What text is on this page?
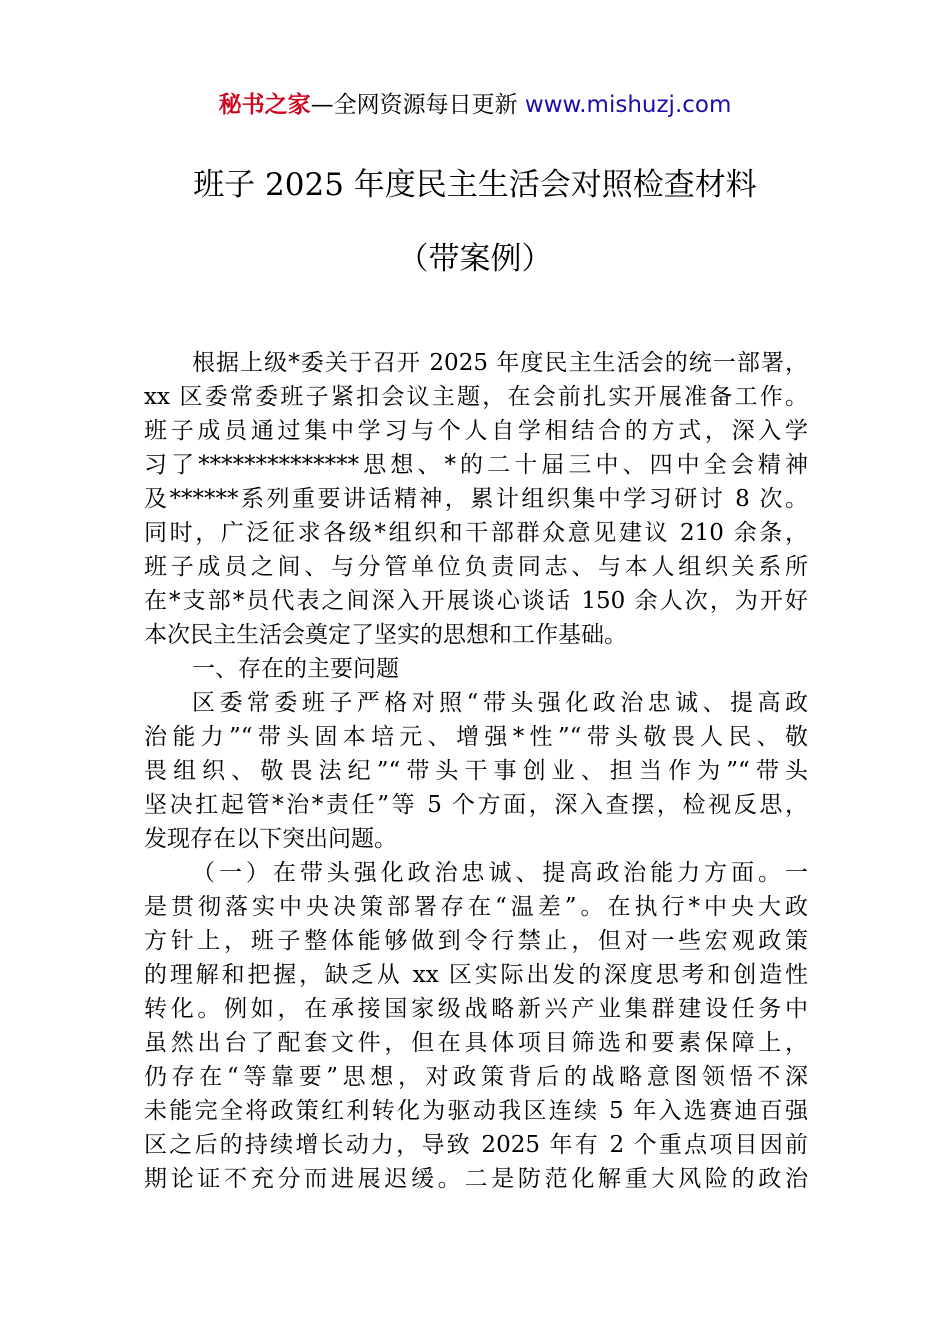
秘书之家—全网资源每日更新 www.mishuzj.com
班子 2025 年度民主生活会对照检查材料
（带案例）
根据上级*委关于召开 2025 年度民主生活会的统一部署，
xx 区委常委班子紧扣会议主题，在会前扎实开展准备工作。
班子成员通过集中学习与个人自学相结合的方式，深入学
习了**************思想、*的二十届三中、四中全会精神
及******系列重要讲话精神，累计组织集中学习研讨 8 次。
同时，广泛征求各级*组织和干部群众意见建议 210 余条，
班子成员之间、与分管单位负责同志、与本人组织关系所
在*支部*员代表之间深入开展谈心谈话 150 余人次，为开好
本次民主生活会奠定了坚实的思想和工作基础。
一、存在的主要问题
区委常委班子严格对照“带头强化政治忠诚、提高政
治能力”“带头固本培元、增强*性”“带头敬畏人民、敬
畏组织、敬畏法纪”“带头干事创业、担当作为”“带头
坚决扛起管*治*责任”等 5 个方面，深入查摆，检视反思，
发现存在以下突出问题。
（一）在带头强化政治忠诚、提高政治能力方面。一
是贯彻落实中央决策部署存在“温差”。在执行*中央大政
方针上，班子整体能够做到令行禁止，但对一些宏观政策
的理解和把握，缺乏从 xx 区实际出发的深度思考和创造性
转化。例如，在承接国家级战略新兴产业集群建设任务中
虽然出台了配套文件，但在具体项目筛选和要素保障上，
仍存在“等靠要”思想，对政策背后的战略意图领悟不深
未能完全将政策红利转化为驱动我区连续 5 年入选赛迪百强
区之后的持续增长动力，导致 2025 年有 2 个重点项目因前
期论证不充分而进展迟缓。二是防范化解重大风险的政治
